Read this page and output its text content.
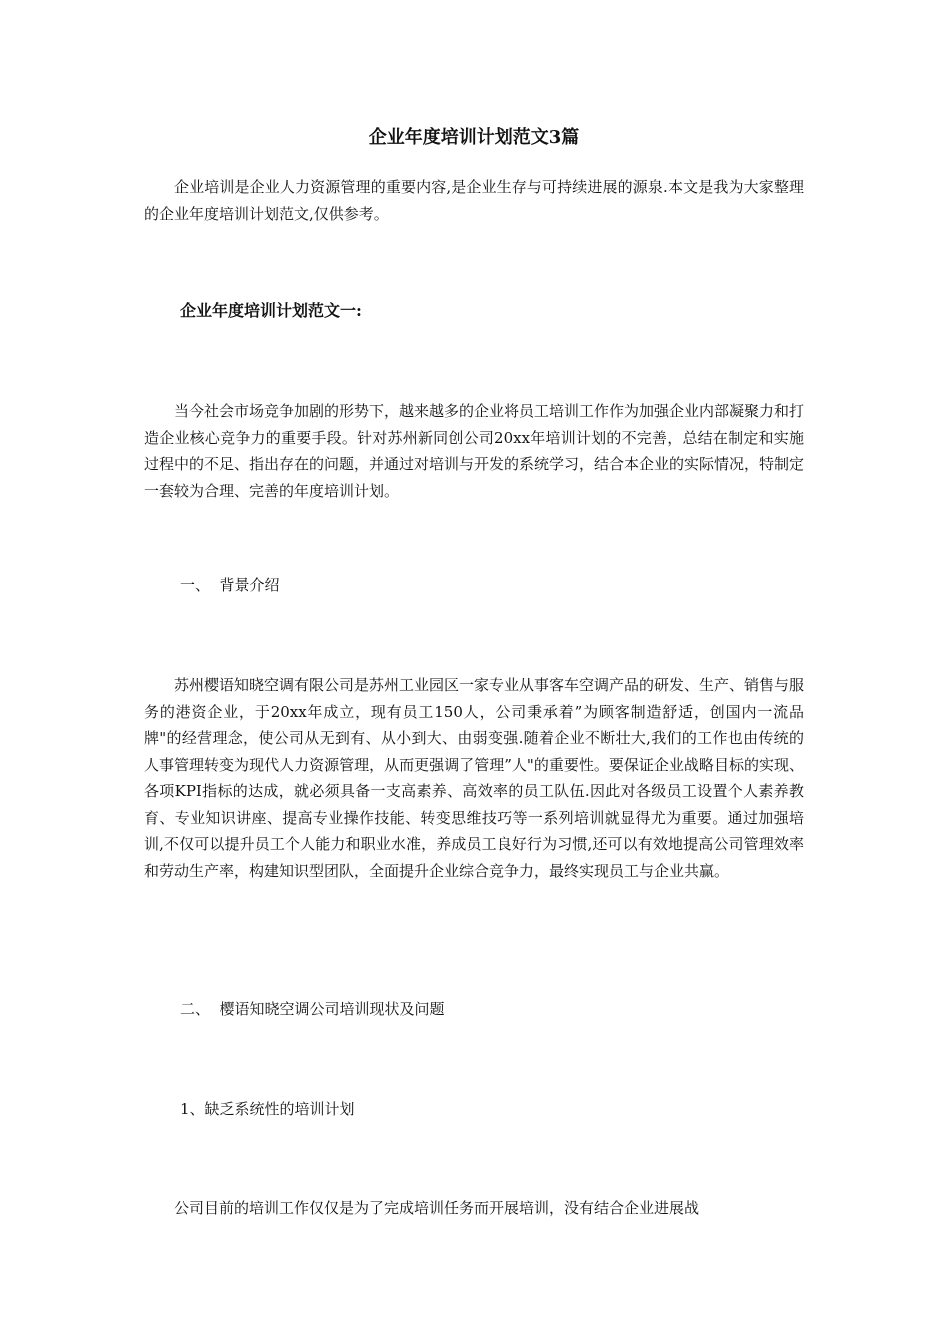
企业年度培训计划范文3篇

企业培训是企业人力资源管理的重要内容,是企业生存与可持续进展的源泉.本文是我为大家整理的企业年度培训计划范文,仅供参考。

企业年度培训计划范文一:

当今社会市场竞争加剧的形势下，越来越多的企业将员工培训工作作为加强企业内部凝聚力和打造企业核心竞争力的重要手段。针对苏州新同创公司20xx年培训计划的不完善，总结在制定和实施过程中的不足、指出存在的问题，并通过对培训与开发的系统学习，结合本企业的实际情况，特制定一套较为合理、完善的年度培训计划。

一、  背景介绍

苏州樱语知晓空调有限公司是苏州工业园区一家专业从事客车空调产品的研发、生产、销售与服务的港资企业，于20xx年成立，现有员工150人，公司秉承着”为顾客制造舒适，创国内一流品牌"的经营理念，使公司从无到有、从小到大、由弱变强.随着企业不断壮大,我们的工作也由传统的人事管理转变为现代人力资源管理，从而更强调了管理”人"的重要性。要保证企业战略目标的实现、各项KPI指标的达成，就必须具备一支高素养、高效率的员工队伍.因此对各级员工设置个人素养教育、专业知识讲座、提高专业操作技能、转变思维技巧等一系列培训就显得尤为重要。通过加强培训,不仅可以提升员工个人能力和职业水准，养成员工良好行为习惯,还可以有效地提高公司管理效率和劳动生产率，构建知识型团队，全面提升企业综合竞争力，最终实现员工与企业共赢。

二、  樱语知晓空调公司培训现状及问题

1、缺乏系统性的培训计划

公司目前的培训工作仅仅是为了完成培训任务而开展培训，没有结合企业进展战
